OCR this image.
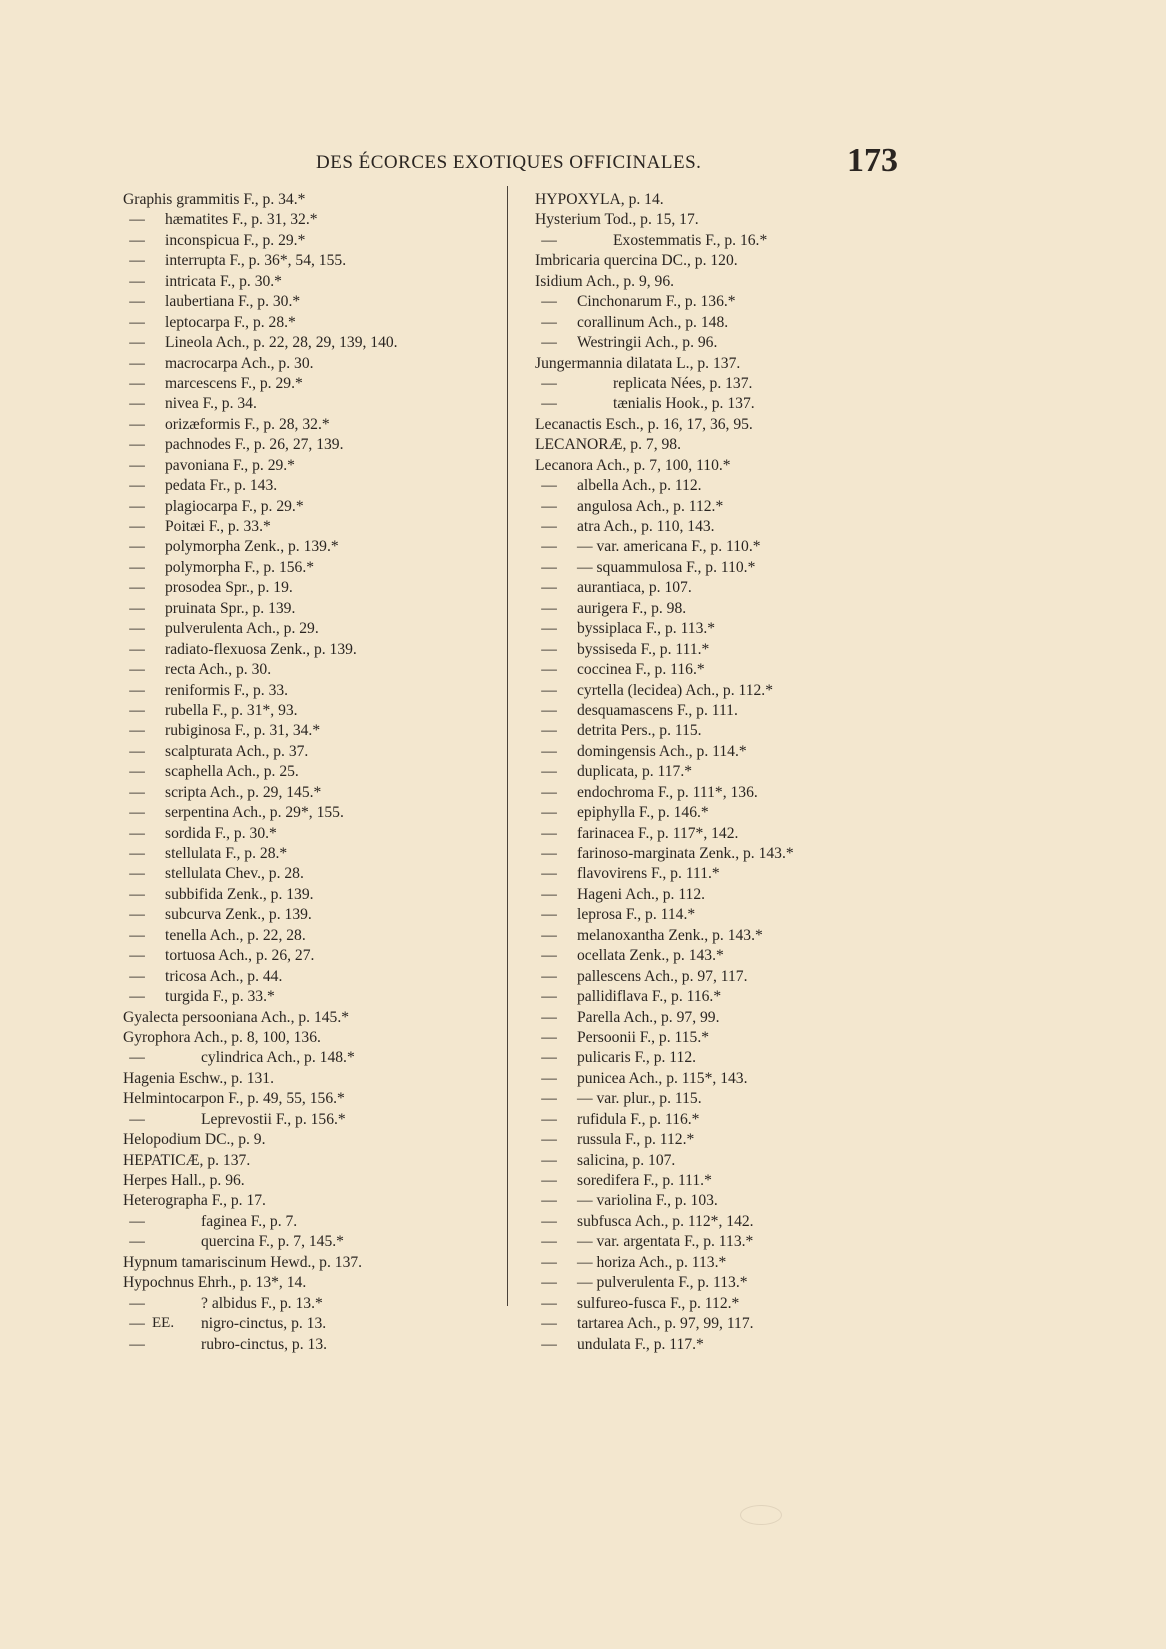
DES ÉCORCES EXOTIQUES OFFICINALES.	173
Graphis grammitis F., p. 34.*
— hæmatites F., p. 31, 32.*
— inconspicua F., p. 29.*
— interrupta F., p. 36*, 54, 155.
— intricata F., p. 30.*
— laubertiana F., p. 30.*
— leptocarpa F., p. 28.*
— Lineola Ach., p. 22, 28, 29, 139, 140.
— macrocarpa Ach., p. 30.
— marcescens F., p. 29.*
— nivea F., p. 34.
— orizæformis F., p. 28, 32.*
— pachnodes F., p. 26, 27, 139.
— pavoniana F., p. 29.*
— pedata Fr., p. 143.
— plagiocarpa F., p. 29.*
— Poitæi F., p. 33.*
— polymorpha Zenk., p. 139.*
— polymorpha F., p. 156.*
— prosodea Spr., p. 19.
— pruinata Spr., p. 139.
— pulverulenta Ach., p. 29.
— radiato-flexuosa Zenk., p. 139.
— recta Ach., p. 30.
— reniformis F., p. 33.
— rubella F., p. 31*, 93.
— rubiginosa F., p. 31, 34.*
— scalpturata Ach., p. 37.
— scaphella Ach., p. 25.
— scripta Ach., p. 29, 145.*
— serpentina Ach., p. 29*, 155.
— sordida F., p. 30.*
— stellulata F., p. 28.*
— stellulata Chev., p. 28.
— subbifida Zenk., p. 139.
— subcurva Zenk., p. 139.
— tenella Ach., p. 22, 28.
— tortuosa Ach., p. 26, 27.
— tricosa Ach., p. 44.
— turgida F., p. 33.*
Gyalecta persooniana Ach., p. 145.*
Gyrophora Ach., p. 8, 100, 136.
—	cylindrica Ach., p. 148.*
Hagenia Eschw., p. 131.
Helmintocarpon F., p. 49, 55, 156.*
—	Leprevostii F., p. 156.*
Helopodium DC., p. 9.
HEPATICÆ, p. 137.
Herpes Hall., p. 96.
Heterographa F., p. 17.
—	faginea F., p. 7.
—	quercina F., p. 7, 145.*
Hypnum tamariscinum Hewd., p. 137.
Hypochnus Ehrh., p. 13*, 14.
—	? albidus F., p. 13.*
—	nigro-cinctus, p. 13.
—	rubro-cinctus, p. 13.
HYPOXYLA, p. 14.
Hysterium Tod., p. 15, 17.
—	Exostemmatis F., p. 16.*
Imbricaria quercina DC., p. 120.
Isidium Ach., p. 9, 96.
— Cinchonarum F., p. 136.*
— corallinum Ach., p. 148.
— Westringii Ach., p. 96.
Jungermannia dilatata L., p. 137.
—	replicata Nées, p. 137.
—	tænialis Hook., p. 137.
Lecanactis Esch., p. 16, 17, 36, 95.
LECANORÆ, p. 7, 98.
Lecanora Ach., p. 7, 100, 110.*
— albella Ach., p. 112.
— angulosa Ach., p. 112.*
— atra Ach., p. 110, 143.
— — var. americana F., p. 110.*
— — squammulosa F., p. 110.*
— aurantiaca, p. 107.
— aurigera F., p. 98.
— byssiplaca F., p. 113.*
— byssiseda F., p. 111.*
— coccinea F., p. 116.*
— cyrtella (lecidea) Ach., p. 112.*
— desquamascens F., p. 111.
— detrita Pers., p. 115.
— domingensis Ach., p. 114.*
— duplicata, p. 117.*
— endochroma F., p. 111*, 136.
— epiphylla F., p. 146.*
— farinacea F., p. 117*, 142.
— farinoso-marginata Zenk., p. 143.*
— flavovirens F., p. 111.*
— Hageni Ach., p. 112.
— leprosa F., p. 114.*
— melanoxantha Zenk., p. 143.*
— ocellata Zenk., p. 143.*
— pallescens Ach., p. 97, 117.
— pallidiflava F., p. 116.*
— Parella Ach., p. 97, 99.
— Persoonii F., p. 115.*
— pulicaris F., p. 112.
— punicea Ach., p. 115*, 143.
— — var. plur., p. 115.
— rufidula F., p. 116.*
— russula F., p. 112.*
— salicina, p. 107.
— soredifera F., p. 111.*
— — variolina F., p. 103.
— subfusca Ach., p. 112*, 142.
— — var. argentata F., p. 113.*
— — horiza Ach., p. 113.*
— — pulverulenta F., p. 113.*
— sulfureo-fusca F., p. 112.*
— tartarea Ach., p. 97, 99, 117.
— undulata F., p. 117.*
EE.
